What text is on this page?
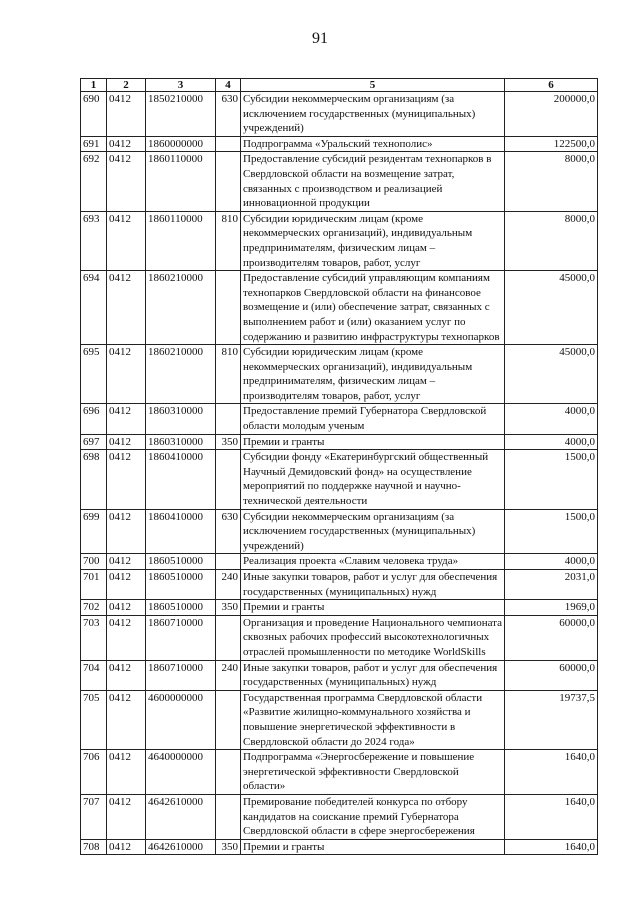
91
1	2	3	4	5	6
690	0412	1850210000	630	Субсидии некоммерческим организациям (за исключением государственных (муниципальных) учреждений)	200000,0
691	0412	1860000000		Подпрограмма «Уральский технополис»	122500,0
692	0412	1860110000		Предоставление субсидий резидентам технопарков в Свердловской области на возмещение затрат, связанных с производством и реализацией инновационной продукции	8000,0
693	0412	1860110000	810	Субсидии юридическим лицам (кроме некоммерческих организаций), индивидуальным предпринимателям, физическим лицам – производителям товаров, работ, услуг	8000,0
694	0412	1860210000		Предоставление субсидий управляющим компаниям технопарков Свердловской области на финансовое возмещение и (или) обеспечение затрат, связанных с выполнением работ и (или) оказанием услуг по содержанию и развитию инфраструктуры технопарков	45000,0
695	0412	1860210000	810	Субсидии юридическим лицам (кроме некоммерческих организаций), индивидуальным предпринимателям, физическим лицам – производителям товаров, работ, услуг	45000,0
696	0412	1860310000		Предоставление премий Губернатора Свердловской области молодым ученым	4000,0
697	0412	1860310000	350	Премии и гранты	4000,0
698	0412	1860410000		Субсидии фонду «Екатеринбургский общественный Научный Демидовский фонд» на осуществление мероприятий по поддержке научной и научно-технической деятельности	1500,0
699	0412	1860410000	630	Субсидии некоммерческим организациям (за исключением государственных (муниципальных) учреждений)	1500,0
700	0412	1860510000		Реализация проекта «Славим человека труда»	4000,0
701	0412	1860510000	240	Иные закупки товаров, работ и услуг для обеспечения государственных (муниципальных) нужд	2031,0
702	0412	1860510000	350	Премии и гранты	1969,0
703	0412	1860710000		Организация и проведение Национального чемпионата сквозных рабочих профессий высокотехнологичных отраслей промышленности по методике WorldSkills	60000,0
704	0412	1860710000	240	Иные закупки товаров, работ и услуг для обеспечения государственных (муниципальных) нужд	60000,0
705	0412	4600000000		Государственная программа Свердловской области «Развитие жилищно-коммунального хозяйства и повышение энергетической эффективности в Свердловской области до 2024 года»	19737,5
706	0412	4640000000		Подпрограмма «Энергосбережение и повышение энергетической эффективности Свердловской области»	1640,0
707	0412	4642610000		Премирование победителей конкурса по отбору кандидатов на соискание премий Губернатора Свердловской области в сфере энергосбережения	1640,0
708	0412	4642610000	350	Премии и гранты	1640,0
